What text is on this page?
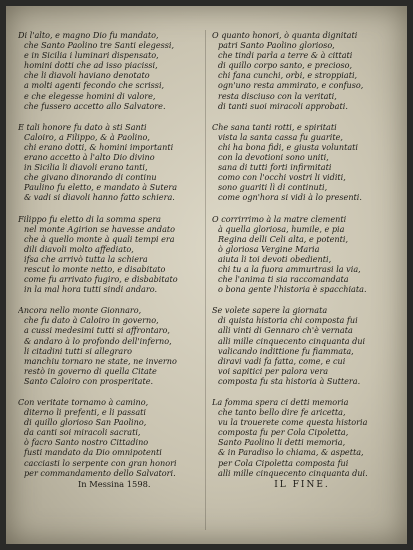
Di l'alto, e magno Dio fu mandato,
che Santo Paolino tre Santi elegessi,
e in Sicilia i luminari dispensato,
homini dotti che ad isso piacissi,
che li diavoli haviano denotato
a molti agenti fecondo che scrissi,
e che elegesse homini di valore,
che fussero accetto allo Salvatore.
E tali honore fu dato à sti Santi
Caloiro, a Filippo, & à Paolino,
chi erano dotti, & homini importanti
erano accetto à l'alto Dio divino
in Sicilia li diavoli erano tanti,
che givano dinorando di continu
Paulino fu eletto, e mandato à Sutera
& vadi si diavoli hanno fatto schiera.
Filippo fu eletto di la somma spera
nel monte Agirion se havesse andato
che à quello monte à quali tempi era
dili diavoli molto affediato,
ifsa che arrivò tutta la schiera
rescut lo monte netto, e disabitato
come fu arrivato fugiro, e disbabitato
in la mal hora tutti sindi andaro.
Ancora nello monte Gionnaro,
che fu dato à Caloiro in governo,
a cussi medesimi tutti si affrontaro,
& andaro à lo profondo dell'inferno,
li citadini tutti si allegraro
manchiu tornaro ne state, ne inverno
restò in governo di quella Citate
Santo Caloiro con prosperitate.
Con veritate tornamo à camino,
diterno li prefenti, e li passati
di quillo glorioso San Paolino,
da canti soi miracoli sacrati,
ò facro Santo nostro Cittadino
fusti mandato da Dio omnipotenti
cacciasti lo serpente con gran honori
per commandamento dello Salvatori.
In Messina 1598.
O quanto honori, ò quanta dignitati
patri Santo Paolino glorioso,
che tindi parla a terre & à cittati
di quillo corpo santo, e precioso,
chi fana cunchi, orbi, e stroppiati,
ogn'uno resta ammirato, e confuso,
resta disciuso con la veritati,
di tanti suoi miracoli approbati.
Che sana tanti rotti, e spiritati
vista la santa cassa fu guarite,
chi ha bona fidi, e giusta voluntati
con la devotioni sono uniti,
sana di tutti forti infirmitati
como con l'occhi vostri li viditi,
sono guariti lì di continuti,
come ogn'hora si vidi à lo presenti.
O corrirrimo à la matre clementi
à quella gloriosa, humile, e pia
Regina delli Celi alta, e potenti,
ò gloriosa Vergine Maria
aiuta li toi devoti obedienti,
chi tu a la fuora ammurtrasi la via,
che l'anima ti sia raccomandata
o bona gente l'historia è spacchiata.
Se volete sapere la giornata
di quista historia chi composta fui
alli vinti di Gennaro ch'è vernata
alli mille cinquecento cinquanta dui
valicando indittione fu fiammata,
diravi vadi fa fatta, come, e cui
voi sapitici per palora vera
composta fu sta historia à Suttera.
La fomma spera ci detti memoria
che tanto bello dire fe aricetta,
vu la trouerete come questa historia
composta fu per Cola Cipoletta,
Santo Paolino li detti memoria,
& in Paradiso lo chiama, & aspetta,
per Cola Cipoletta composta fui
alli mille cinquecento cinquanta dui.
IL FINE.
